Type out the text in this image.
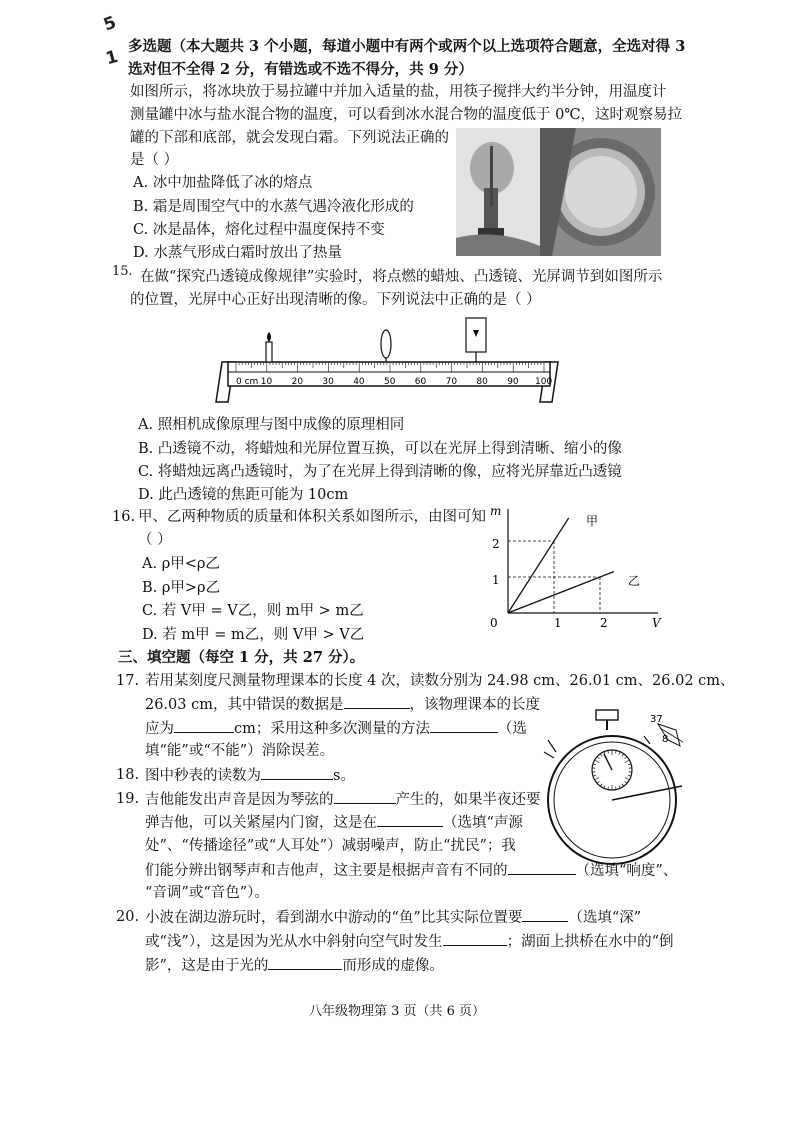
5
1
多选题（本大题共 3 个小题，每道小题中有两个或两个以上选项符合题意，全选对得 3
选对但不全得 2 分，有错选或不选不得分，共 9 分）
如图所示，将冰块放于易拉罐中并加入适量的盐，用筷子搅拌大约半分钟，用温度计
测量罐中冰与盐水混合物的温度，可以看到冰水混合物的温度低于 0℃，这时观察易拉
罐的下部和底部，就会发现白霜。下列说法正确的
是（ ）
A. 冰中加盐降低了冰的熔点
B. 霜是周围空气中的水蒸气遇冷液化形成的
C. 冰是晶体，熔化过程中温度保持不变
D. 水蒸气形成白霜时放出了热量
15. 在做“探究凸透镜成像规律”实验时，将点燃的蜡烛、凸透镜、光屏调节到如图所示
的位置，光屏中心正好出现清晰的像。下列说法中正确的是（ ）
0 cm 10 20 30 40 50 60 70 80 90 100
A. 照相机成像原理与图中成像的原理相同
B. 凸透镜不动，将蜡烛和光屏位置互换，可以在光屏上得到清晰、缩小的像
C. 将蜡烛远离凸透镜时，为了在光屏上得到清晰的像，应将光屏靠近凸透镜
D. 此凸透镜的焦距可能为 10cm
16. 甲、乙两种物质的质量和体积关系如图所示，由图可知
（ ）
A. ρ甲<ρ乙
B. ρ甲>ρ乙
C. 若 V甲 = V乙，则 m甲 > m乙
D. 若 m甲 = m乙，则 V甲 > V乙
V
m
0	1	2
1
2
甲
乙
三、填空题（每空 1 分，共 27 分）。
17. 若用某刻度尺测量物理课本的长度 4 次，读数分别为 24.98 cm、26.01 cm、26.02 cm、
26.03 cm，其中错误的数据是	，该物理课本的长度
应为	cm；采用这种多次测量的方法	（选
填“能”或“不能”）消除误差。
37
8
18. 图中秒表的读数为	s。
19. 吉他能发出声音是因为琴弦的	产生的，如果半夜还要
弹吉他，可以关紧屋内门窗，这是在	（选填“声源
处”、“传播途径”或“人耳处”）减弱噪声，防止“扰民”；我
们能分辨出钢琴声和吉他声，这主要是根据声音有不同的	（选填“响度”、
“音调”或“音色”）。
20. 小波在湖边游玩时，看到湖水中游动的“鱼”比其实际位置要	（选填“深”
或“浅”），这是因为光从水中斜射向空气时发生	；湖面上拱桥在水中的“倒
影”，这是由于光的	而形成的虚像。
八年级物理第 3 页（共 6 页）
